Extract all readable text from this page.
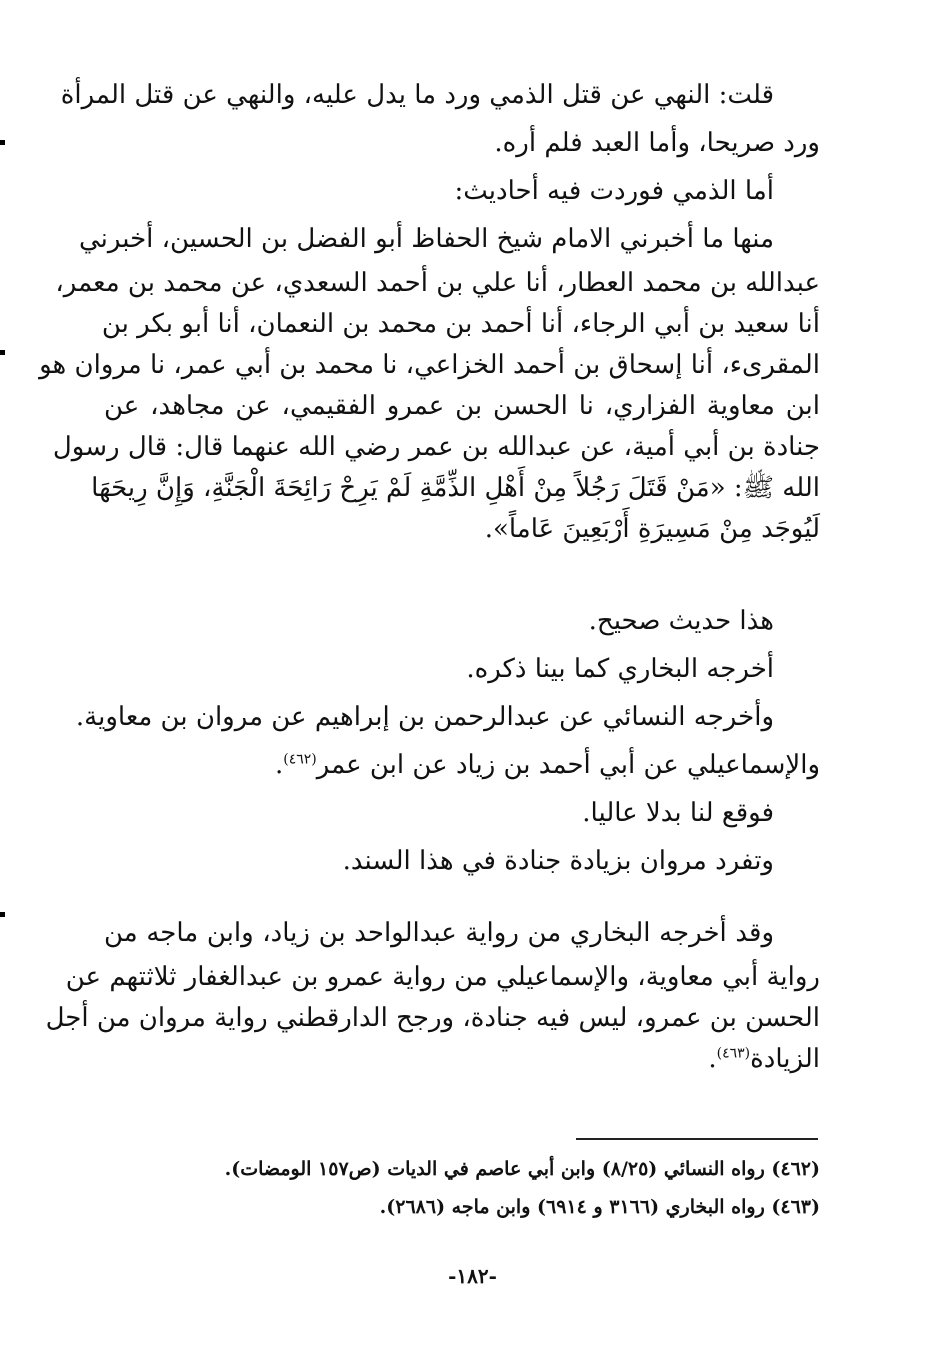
قلت: النهي عن قتل الذمي ورد ما يدل عليه، والنهي عن قتل المرأة
ورد صريحا، وأما العبد فلم أره.
أما الذمي فوردت فيه أحاديث:
منها ما أخبرني الامام شيخ الحفاظ أبو الفضل بن الحسين، أخبرني
عبدالله بن محمد العطار، أنا علي بن أحمد السعدي، عن محمد بن معمر،
أنا سعيد بن أبي الرجاء، أنا أحمد بن محمد بن النعمان، أنا أبو بكر بن
المقرىء، أنا إسحاق بن أحمد الخزاعي، نا محمد بن أبي عمر، نا مروان هو
ابن معاوية الفزاري، نا الحسن بن عمرو الفقيمي، عن مجاهد، عن
جنادة بن أبي أمية، عن عبدالله بن عمر رضي الله عنهما قال: قال رسول
الله ﷺ: «مَنْ قَتَلَ رَجُلاً مِنْ أَهْلِ الذِّمَّةِ لَمْ يَرِحْ رَائِحَةَ الْجَنَّةِ، وَإِنَّ رِيحَهَا
لَيُوجَد مِنْ مَسِيرَةِ أَرْبَعِينَ عَاماً».
هذا حديث صحيح.
أخرجه البخاري كما بينا ذكره.
وأخرجه النسائي عن عبدالرحمن بن إبراهيم عن مروان بن معاوية.
والإسماعيلي عن أبي أحمد بن زياد عن ابن عمر$^{(٤٦٢)}$.
فوقع لنا بدلا عاليا.
وتفرد مروان بزيادة جنادة في هذا السند.
وقد أخرجه البخاري من رواية عبدالواحد بن زياد، وابن ماجه من
رواية أبي معاوية، والإسماعيلي من رواية عمرو بن عبدالغفار ثلاثتهم عن
الحسن بن عمرو، ليس فيه جنادة، ورجح الدارقطني رواية مروان من أجل
الزيادة$^{(٤٦٣)}$.
(٤٦٢) رواه النسائي (٨/٢٥) وابن أبي عاصم في الديات (ص١٥٧ الومضات).
(٤٦٣) رواه البخاري (٣١٦٦ و ٦٩١٤) وابن ماجه (٢٦٨٦).
-١٨٢-
